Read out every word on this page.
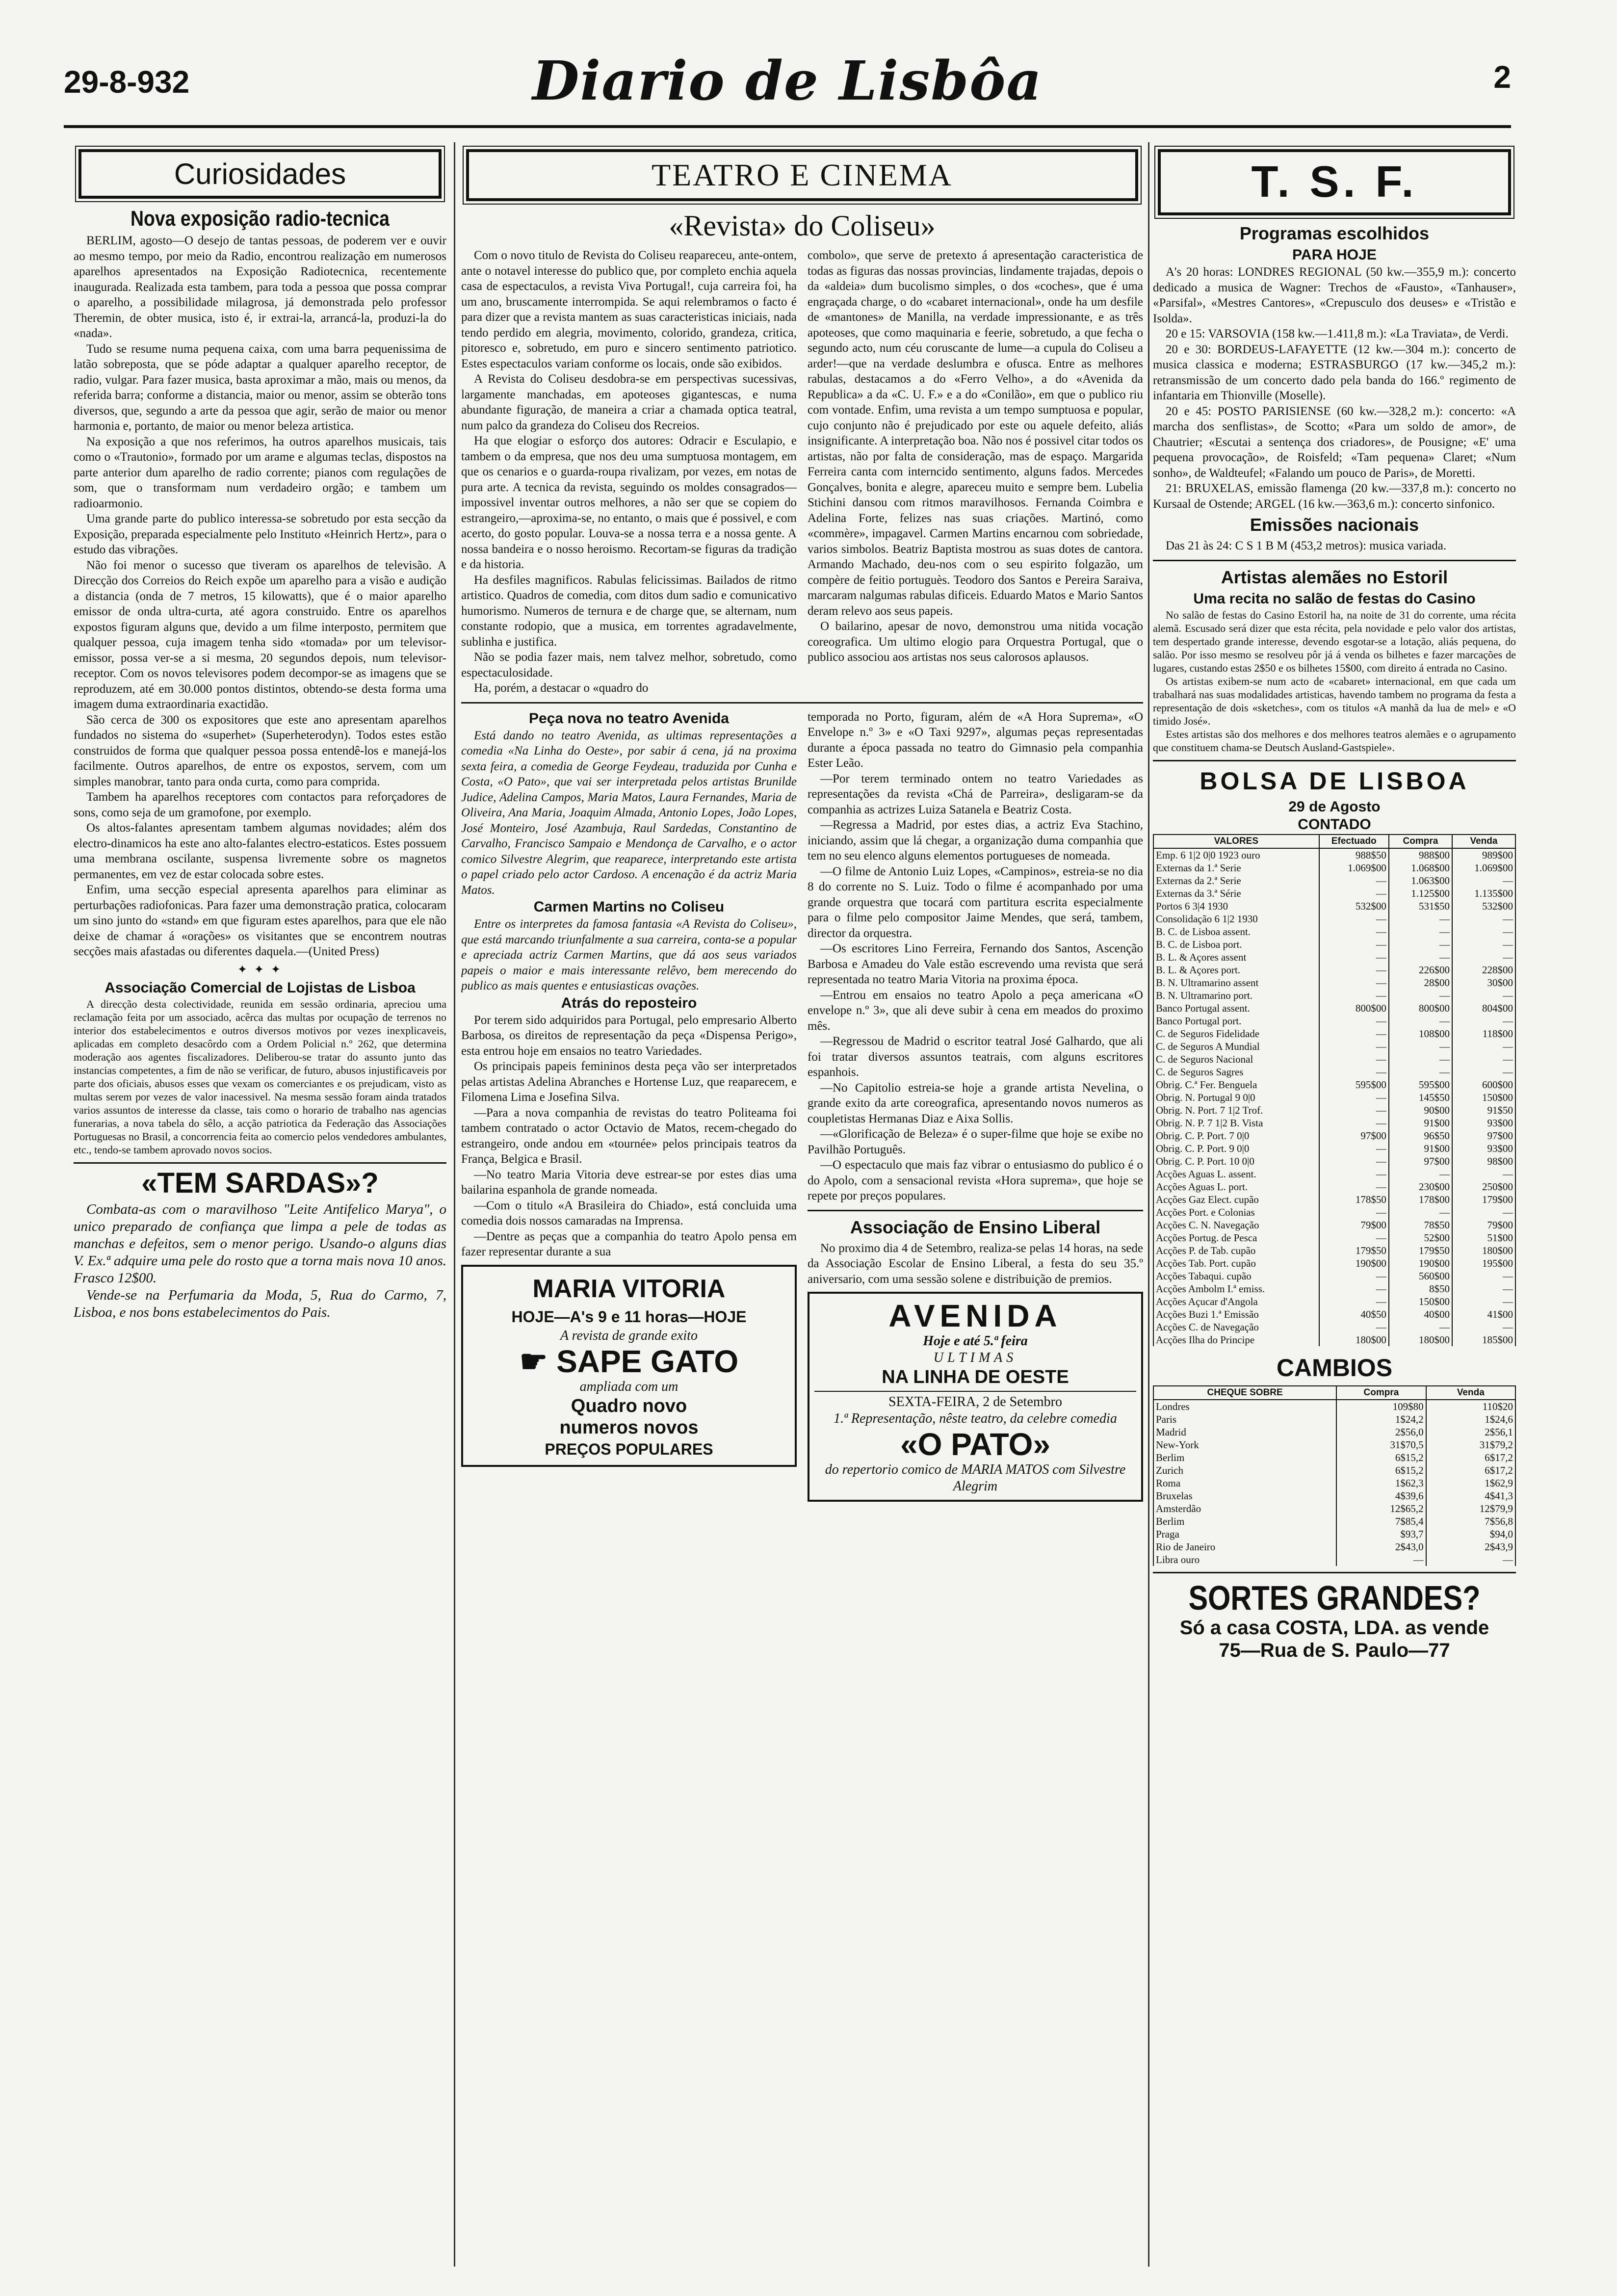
29-8-932	Diario de Lisbôa	2
Curiosidades
Nova exposição radio-tecnica

BERLIM, agosto—O desejo de tantas pessoas, de poderem ver e ouvir ao mesmo tempo, por meio da Radio, encontrou realização em numerosos aparelhos apresentados na Exposição Radiotecnica, recentemente inaugurada. Realizada esta tambem, para toda a pessoa que possa comprar o aparelho, a possibilidade milagrosa, já demonstrada pelo professor Theremin, de obter musica, isto é, ir extrai-la, arrancá-la, produzi-la do «nada».

Tudo se resume numa pequena caixa, com uma barra pequenissima de latão sobreposta, que se póde adaptar a qualquer aparelho receptor, de radio, vulgar. Para fazer musica, basta aproximar a mão, mais ou menos, da referida barra; conforme a distancia, maior ou menor, assim se obterão tons diversos, que, segundo a arte da pessoa que agir, serão de maior ou menor harmonia e, portanto, de maior ou menor beleza artistica.

Na exposição a que nos referimos, ha outros aparelhos musicais, tais como o «Trautonio», formado por um arame e algumas teclas, dispostos na parte anterior dum aparelho de radio corrente; pianos com regulações de som, que o transformam num verdadeiro orgão; e tambem um radioarmonio.

Uma grande parte do publico interessa-se sobretudo por esta secção da Exposição, preparada especialmente pelo Instituto «Heinrich Hertz», para o estudo das vibrações.

Não foi menor o sucesso que tiveram os aparelhos de televisão. A Direcção dos Correios do Reich expõe um aparelho para a visão e audição a distancia (onda de 7 metros, 15 kilowatts), que é o maior aparelho emissor de onda ultra-curta, até agora construido. Entre os aparelhos expostos figuram alguns que, devido a um filme interposto, permitem que qualquer pessoa, cuja imagem tenha sido «tomada» por um televisor-emissor, possa ver-se a si mesma, 20 segundos depois, num televisor-receptor. Com os novos televisores podem decompor-se as imagens que se reproduzem, até em 30.000 pontos distintos, obtendo-se desta forma uma imagem duma extraordinaria exactidão.

São cerca de 300 os expositores que este ano apresentam aparelhos fundados no sistema do «superhet» (Superheterodyn). Todos estes estão construidos de forma que qualquer pessoa possa entendê-los e manejá-los facilmente. Outros aparelhos, de entre os expostos, servem, com um simples manobrar, tanto para onda curta, como para comprida.

Tambem ha aparelhos receptores com contactos para reforçadores de sons, como seja de um gramofone, por exemplo.

Os altos-falantes apresentam tambem algumas novidades; além dos electro-dinamicos ha este ano alto-falantes electro-estaticos. Estes possuem uma membrana oscilante, suspensa livremente sobre os magnetos permanentes, em vez de estar colocada sobre estes.

Enfim, uma secção especial apresenta aparelhos para eliminar as perturbações radiofonicas. Para fazer uma demonstração pratica, colocaram um sino junto do «stand» em que figuram estes aparelhos, para que ele não deixe de chamar á «orações» os visitantes que se encontrem noutras secções mais afastadas ou diferentes daquela.—(United Press)

✦ ✦ ✦
Associação Comercial de Lojistas de Lisboa

A direcção desta colectividade, reunida em sessão ordinaria, apreciou uma reclamação feita por um associado, acêrca das multas por ocupação de terrenos no interior dos estabelecimentos e outros diversos motivos por vezes inexplicaveis, aplicadas em completo desacôrdo com a Ordem Policial n.º 262, que determina moderação aos agentes fiscalizadores. Deliberou-se tratar do assunto junto das instancias competentes, a fim de não se verificar, de futuro, abusos injustificaveis por parte dos oficiais, abusos esses que vexam os comerciantes e os prejudicam, visto as multas serem por vezes de valor inacessivel. Na mesma sessão foram ainda tratados varios assuntos de interesse da classe, tais como o horario de trabalho nas agencias funerarias, a nova tabela do sêlo, a acção patriotica da Federação das Associações Portuguesas no Brasil, a concorrencia feita ao comercio pelos vendedores ambulantes, etc., tendo-se tambem aprovado novos socios.

«TEM SARDAS»?

Combata-as com o maravilhoso "Leite Antifelico Marya", o unico preparado de confiança que limpa a pele de todas as manchas e defeitos, sem o menor perigo. Usando-o alguns dias V. Ex.ª adquire uma pele do rosto que a torna mais nova 10 anos. Frasco 12$00.

Vende-se na Perfumaria da Moda, 5, Rua do Carmo, 7, Lisboa, e nos bons estabelecimentos do Pais.

TEATRO E CINEMA
«Revista» do Coliseu»

Com o novo titulo de Revista do Coliseu reapareceu, ante-ontem, ante o notavel interesse do publico que, por completo enchia aquela casa de espectaculos, a revista Viva Portugal!, cuja carreira foi, ha um ano, bruscamente interrompida. Se aqui relembramos o facto é para dizer que a revista mantem as suas caracteristicas iniciais, nada tendo perdido em alegria, movimento, colorido, grandeza, critica, pitoresco e, sobretudo, em puro e sincero sentimento patriotico. Estes espectaculos variam conforme os locais, onde são exibidos.

A Revista do Coliseu desdobra-se em perspectivas sucessivas, largamente manchadas, em apoteoses gigantescas, e numa abundante figuração, de maneira a criar a chamada optica teatral, num palco da grandeza do Coliseu dos Recreios.

Ha que elogiar o esforço dos autores: Odracir e Esculapio, e tambem o da empresa, que nos deu uma sumptuosa montagem, em que os cenarios e o guarda-roupa rivalizam, por vezes, em notas de pura arte. A tecnica da revista, seguindo os moldes consagrados—impossivel inventar outros melhores, a não ser que se copiem do estrangeiro,—aproxima-se, no entanto, o mais que é possivel, e com acerto, do gosto popular. Louva-se a nossa terra e a nossa gente. A nossa bandeira e o nosso heroismo. Recortam-se figuras da tradição e da historia.

Ha desfiles magnificos. Rabulas felicissimas. Bailados de ritmo artistico. Quadros de comedia, com ditos dum sadio e comunicativo humorismo. Numeros de ternura e de charge que, se alternam, num constante rodopio, que a musica, em torrentes agradavelmente, sublinha e justifica.

Não se podia fazer mais, nem talvez melhor, sobretudo, como espectaculosidade.

Ha, porém, a destacar o «quadro do

combolo», que serve de pretexto á apresentação caracteristica de todas as figuras das nossas provincias, lindamente trajadas, depois o da «aldeia» dum bucolismo simples, o dos «coches», que é uma engraçada charge, o do «cabaret internacional», onde ha um desfile de «mantones» de Manilla, na verdade impressionante, e as três apoteoses, que como maquinaria e feerie, sobretudo, a que fecha o segundo acto, num céu coruscante de lume—a cupula do Coliseu a arder!—que na verdade deslumbra e ofusca. Entre as melhores rabulas, destacamos a do «Ferro Velho», a do «Avenida da Republica» a da «C. U. F.» e a do «Conilão», em que o publico riu com vontade. Enfim, uma revista a um tempo sumptuosa e popular, cujo conjunto não é prejudicado por este ou aquele defeito, aliás insignificante. A interpretação boa. Não nos é possivel citar todos os artistas, não por falta de consideração, mas de espaço. Margarida Ferreira canta com interncido sentimento, alguns fados. Mercedes Gonçalves, bonita e alegre, apareceu muito e sempre bem. Lubelia Stichini dansou com ritmos maravilhosos. Fernanda Coimbra e Adelina Forte, felizes nas suas criações. Martinó, como «commère», impagavel. Carmen Martins encarnou com sobriedade, varios simbolos. Beatriz Baptista mostrou as suas dotes de cantora. Armando Machado, deu-nos com o seu espirito folgazão, um compère de feitio portuguès. Teodoro dos Santos e Pereira Saraiva, marcaram nalgumas rabulas dificeis. Eduardo Matos e Mario Santos deram relevo aos seus papeis.

O bailarino, apesar de novo, demonstrou uma nitida vocação coreografica. Um ultimo elogio para Orquestra Portugal, que o publico associou aos artistas nos seus calorosos aplausos.

Peça nova no teatro Avenida

Está dando no teatro Avenida, as ultimas representações a comedia «Na Linha do Oeste», por sabir á cena, já na proxima sexta feira, a comedia de George Feydeau, traduzida por Cunha e Costa, «O Pato», que vai ser interpretada pelos artistas Brunilde Judice, Adelina Campos, Maria Matos, Laura Fernandes, Maria de Oliveira, Ana Maria, Joaquim Almada, Antonio Lopes, João Lopes, José Monteiro, José Azambuja, Raul Sardedas, Constantino de Carvalho, Francisco Sampaio e Mendonça de Carvalho, e o actor comico Silvestre Alegrim, que reaparece, interpretando este artista o papel criado pelo actor Cardoso. A encenação é da actriz Maria Matos.

Carmen Martins no Coliseu

Entre os interpretes da famosa fantasia «A Revista do Coliseu», que está marcando triunfalmente a sua carreira, conta-se a popular e apreciada actriz Carmen Martins, que dá aos seus variados papeis o maior e mais interessante relêvo, bem merecendo do publico as mais quentes e entusiasticas ovações.

Atrás do reposteiro

Por terem sido adquiridos para Portugal, pelo empresario Alberto Barbosa, os direitos de representação da peça «Dispensa Perigo», esta entrou hoje em ensaios no teatro Variedades.

Os principais papeis femininos desta peça vão ser interpretados pelas artistas Adelina Abranches e Hortense Luz, que reaparecem, e Filomena Lima e Josefina Silva.

—Para a nova companhia de revistas do teatro Politeama foi tambem contratado o actor Octavio de Matos, recem-chegado do estrangeiro, onde andou em «tournée» pelos principais teatros da França, Belgica e Brasil.

—No teatro Maria Vitoria deve estrear-se por estes dias uma bailarina espanhola de grande nomeada.

—Com o titulo «A Brasileira do Chiado», está concluida uma comedia dois nossos camaradas na Imprensa.

—Dentre as peças que a companhia do teatro Apolo pensa em fazer representar durante a sua

MARIA VITORIA
HOJE—A's 9 e 11 horas—HOJE
A revista de grande exito
☛ SAPE GATO
ampliada com um
Quadro novo
numeros novos
PREÇOS POPULARES

temporada no Porto, figuram, além de «A Hora Suprema», «O Envelope n.º 3» e «O Taxi 9297», algumas peças representadas durante a época passada no teatro do Gimnasio pela companhia Ester Leão.

—Por terem terminado ontem no teatro Variedades as representações da revista «Chá de Parreira», desligaram-se da companhia as actrizes Luiza Satanela e Beatriz Costa.

—Regressa a Madrid, por estes dias, a actriz Eva Stachino, iniciando, assim que lá chegar, a organização duma companhia que tem no seu elenco alguns elementos portugueses de nomeada.

—O filme de Antonio Luiz Lopes, «Campinos», estreia-se no dia 8 do corrente no S. Luiz. Todo o filme é acompanhado por uma grande orquestra que tocará com partitura escrita especialmente para o filme pelo compositor Jaime Mendes, que será, tambem, director da orquestra.

—Os escritores Lino Ferreira, Fernando dos Santos, Ascenção Barbosa e Amadeu do Vale estão escrevendo uma revista que será representada no teatro Maria Vitoria na proxima época.

—Entrou em ensaios no teatro Apolo a peça americana «O envelope n.º 3», que ali deve subir à cena em meados do proximo mês.

—Regressou de Madrid o escritor teatral José Galhardo, que ali foi tratar diversos assuntos teatrais, com alguns escritores espanhois.

—No Capitolio estreia-se hoje a grande artista Nevelina, o grande exito da arte coreografica, apresentando novos numeros as coupletistas Hermanas Diaz e Aixa Sollis.

—«Glorificação de Beleza» é o super-filme que hoje se exibe no Pavilhão Português.

—O espectaculo que mais faz vibrar o entusiasmo do publico é o do Apolo, com a sensacional revista «Hora suprema», que hoje se repete por preços populares.

Associação de Ensino Liberal

No proximo dia 4 de Setembro, realiza-se pelas 14 horas, na sede da Associação Escolar de Ensino Liberal, a festa do seu 35.º aniversario, com uma sessão solene e distribuição de premios.

AVENIDA
Hoje e até 5.ª feira
ULTIMAS
NA LINHA DE OESTE
SEXTA-FEIRA, 2 de Setembro
1.ª Representação, nêste teatro, da celebre comedia
«O PATO»
do repertorio comico de MARIA MATOS com Silvestre Alegrim
T. S. F.
Programas escolhidos
PARA HOJE

A's 20 horas: LONDRES REGIONAL (50 kw.—355,9 m.): concerto dedicado a musica de Wagner: Trechos de «Fausto», «Tanhauser», «Parsifal», «Mestres Cantores», «Crepusculo dos deuses» e «Tristão e Isolda».

20 e 15: VARSOVIA (158 kw.—1.411,8 m.): «La Traviata», de Verdi.

20 e 30: BORDEUS-LAFAYETTE (12 kw.—304 m.): concerto de musica classica e moderna; ESTRASBURGO (17 kw.—345,2 m.): retransmissão de um concerto dado pela banda do 166.º regimento de infantaria em Thionville (Moselle).

20 e 45: POSTO PARISIENSE (60 kw.—328,2 m.): concerto: «A marcha dos senflistas», de Scotto; «Para um soldo de amor», de Chautrier; «Escutai a sentença dos criadores», de Pousigne; «E' uma pequena provocação», de Roisfeld; «Tam pequena» Claret; «Num sonho», de Waldteufel; «Falando um pouco de Paris», de Moretti.

21: BRUXELAS, emissão flamenga (20 kw.—337,8 m.): concerto no Kursaal de Ostende; ARGEL (16 kw.—363,6 m.): concerto sinfonico.

Emissões nacionais

Das 21 às 24: C S 1 B M (453,2 metros): musica variada.

Artistas alemães no Estoril
Uma recita no salão de festas do Casino

No salão de festas do Casino Estoril ha, na noite de 31 do corrente, uma récita alemã. Escusado será dizer que esta récita, pela novidade e pelo valor dos artistas, tem despertado grande interesse, devendo esgotar-se a lotação, aliás pequena, do salão. Por isso mesmo se resolveu pôr já á venda os bilhetes e fazer marcações de lugares, custando estas 2$50 e os bilhetes 15$00, com direito á entrada no Casino.

Os artistas exibem-se num acto de «cabaret» internacional, em que cada um trabalhará nas suas modalidades artisticas, havendo tambem no programa da festa a representação de dois «sketches», com os titulos «A manhã da lua de mel» e «O timido José».

Estes artistas são dos melhores e dos melhores teatros alemães e o agrupamento que constituem chama-se Deutsch Ausland-Gastspiele».

BOLSA DE LISBOA
29 de Agosto
CONTADO
VALORES	Efectuado	Compra	Venda
Emp. 6 1|2 0|0 1923 ouro	988$50	988$00	989$00
Externas da 1.ª Serie	1.069$00	1.068$00	1.069$00
Externas da 2.ª Serie	—	1.063$00	—
Externas da 3.ª Série	—	1.125$00	1.135$00
Portos 6 3|4 1930	532$00	531$50	532$00
Consolidação 6 1|2 1930	—	—	—
B. C. de Lisboa assent.	—	—	—
B. C. de Lisboa port.	—	—	—
B. L. & Açores assent	—	—	—
B. L. & Açores port.	—	226$00	228$00
B. N. Ultramarino assent	—	28$00	30$00
B. N. Ultramarino port.	—	—	—
Banco Portugal assent.	800$00	800$00	804$00
Banco Portugal port.	—	—	—
C. de Seguros Fidelidade	—	108$00	118$00
C. de Seguros A Mundial	—	—	—
C. de Seguros Nacional	—	—	—
C. de Seguros Sagres	—	—	—
Obrig. C.ª Fer. Benguela	595$00	595$00	600$00
Obrig. N. Portugal 9 0|0	—	145$50	150$00
Obrig. N. Port. 7 1|2 Trof.	—	90$00	91$50
Obrig. N. P. 7 1|2 B. Vista	—	91$00	93$00
Obrig. C. P. Port. 7 0|0	97$00	96$50	97$00
Obrig. C. P. Port. 9 0|0	—	91$00	93$00
Obrig. C. P. Port. 10 0|0	—	97$00	98$00
Acções Aguas L. assent.	—	—	—
Acções Aguas L. port.	—	230$00	250$00
Acções Gaz Elect. cupão	178$50	178$00	179$00
Acções Port. e Colonias	—	—	—
Acções C. N. Navegação	79$00	78$50	79$00
Acções Portug. de Pesca	—	52$00	51$00
Acções P. de Tab. cupão	179$50	179$50	180$00
Acções Tab. Port. cupão	190$00	190$00	195$00
Acções Tabaqui. cupão	—	560$00	—
Acções Ambolm I.ª emiss.	—	8$50	—
Acções Açucar d'Angola	—	150$00	—
Acções Buzi 1.ª Emissão	40$50	40$00	41$00
Acções C. de Navegação	—	—	—
Acções Ilha do Principe	180$00	180$00	185$00
CAMBIOS
CHEQUE SOBRE	Compra	Venda
Londres	109$80	110$20
Paris	1$24,2	1$24,6
Madrid	2$56,0	2$56,1
New-York	31$70,5	31$79,2
Berlim	6$15,2	6$17,2
Zurich	6$15,2	6$17,2
Roma	1$62,3	1$62,9
Bruxelas	4$39,6	4$41,3
Amsterdão	12$65,2	12$79,9
Berlim	7$85,4	7$56,8
Praga	$93,7	$94,0
Rio de Janeiro	2$43,0	2$43,9
Libra ouro	—	—
SORTES GRANDES?
Só a casa COSTA, LDA. as vende
75—Rua de S. Paulo—77
